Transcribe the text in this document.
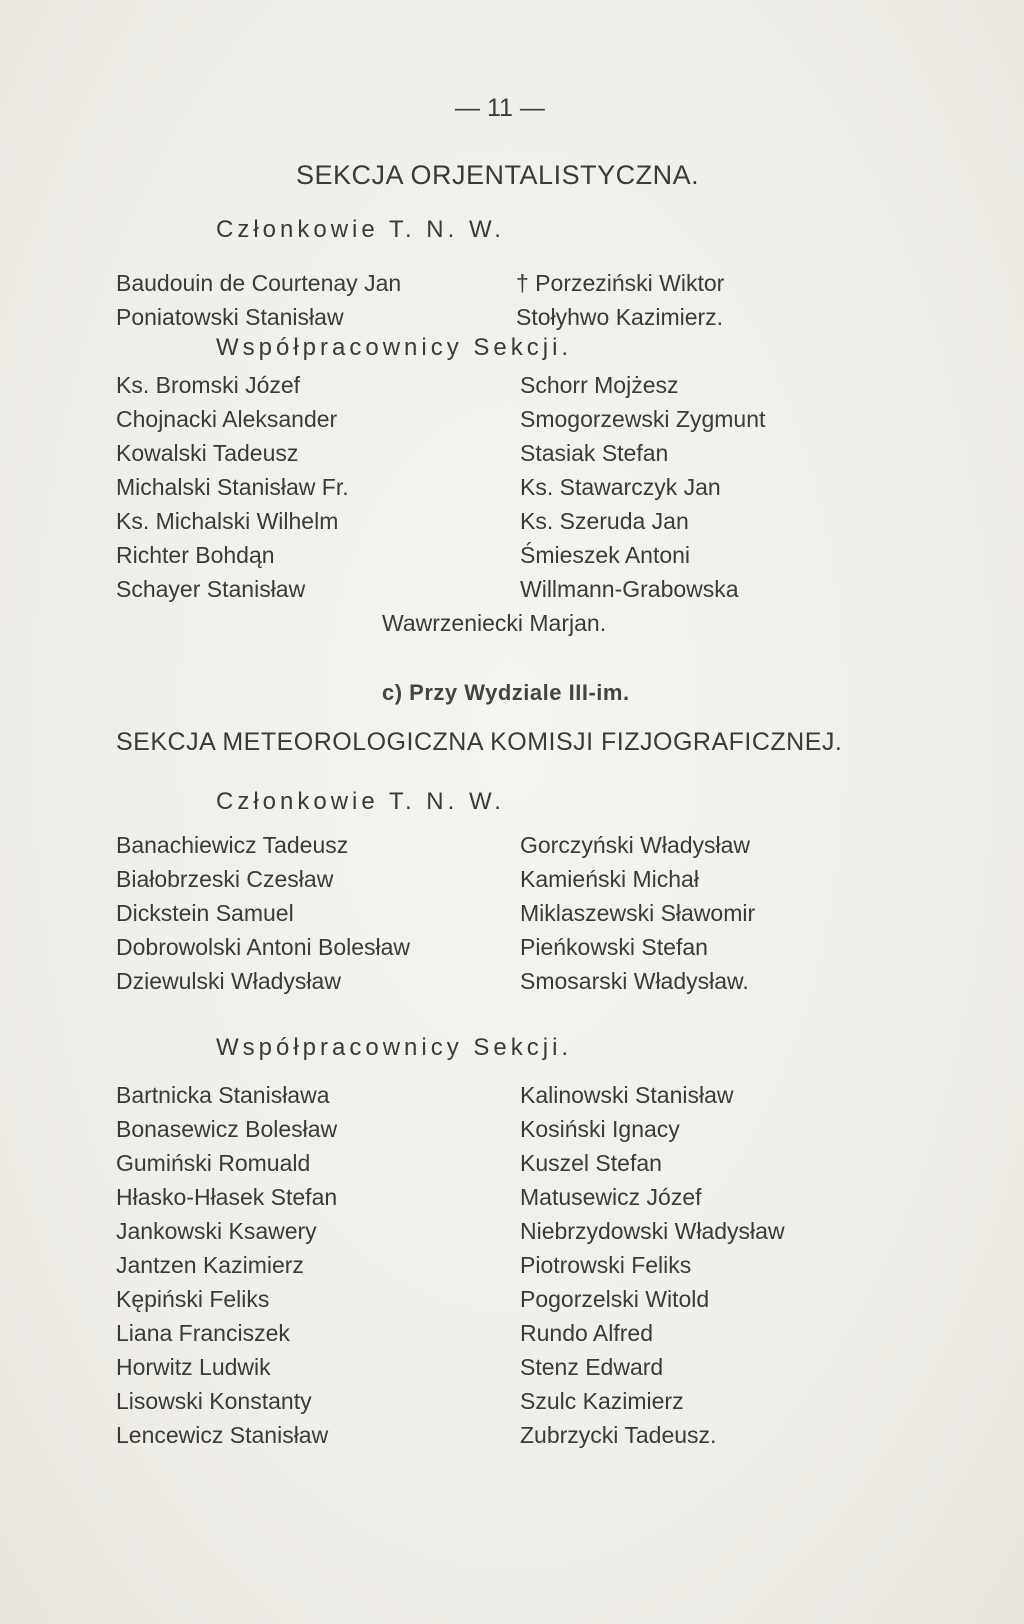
— 11 —
SEKCJA ORJENTALISTYCZNA.
Członkowie T. N. W.
Baudouin de Courtenay Jan
Poniatowski Stanisław
† Porzeziński Wiktor
Stołyhwo Kazimierz.
Współpracownicy Sekcji.
Ks. Bromski Józef
Chojnacki Aleksander
Kowalski Tadeusz
Michalski Stanisław Fr.
Ks. Michalski Wilhelm
Richter Bohdąn
Schayer Stanisław
Schorr Mojżesz
Smogorzewski Zygmunt
Stasiak Stefan
Ks. Stawarczyk Jan
Ks. Szeruda Jan
Śmieszek Antoni
Willmann-Grabowska
Wawrzeniecki Marjan.
c) Przy Wydziale III-im.
SEKCJA METEOROLOGICZNA KOMISJI FIZJOGRAFICZNEJ.
Członkowie T. N. W.
Banachiewicz Tadeusz
Białobrzeski Czesław
Dickstein Samuel
Dobrowolski Antoni Bolesław
Dziewulski Władysław
Gorczyński Władysław
Kamieński Michał
Miklaszewski Sławomir
Pieńkowski Stefan
Smosarski Władysław.
Współpracownicy Sekcji.
Bartnicka Stanisława
Bonasewicz Bolesław
Gumiński Romuald
Hłasko-Hłasek Stefan
Jankowski Ksawery
Jantzen Kazimierz
Kępiński Feliks
Liana Franciszek
Horwitz Ludwik
Lisowski Konstanty
Lencewicz Stanisław
Kalinowski Stanisław
Kosiński Ignacy
Kuszel Stefan
Matusewicz Józef
Niebrzydowski Władysław
Piotrowski Feliks
Pogorzelski Witold
Rundo Alfred
Stenz Edward
Szulc Kazimierz
Zubrzycki Tadeusz.
